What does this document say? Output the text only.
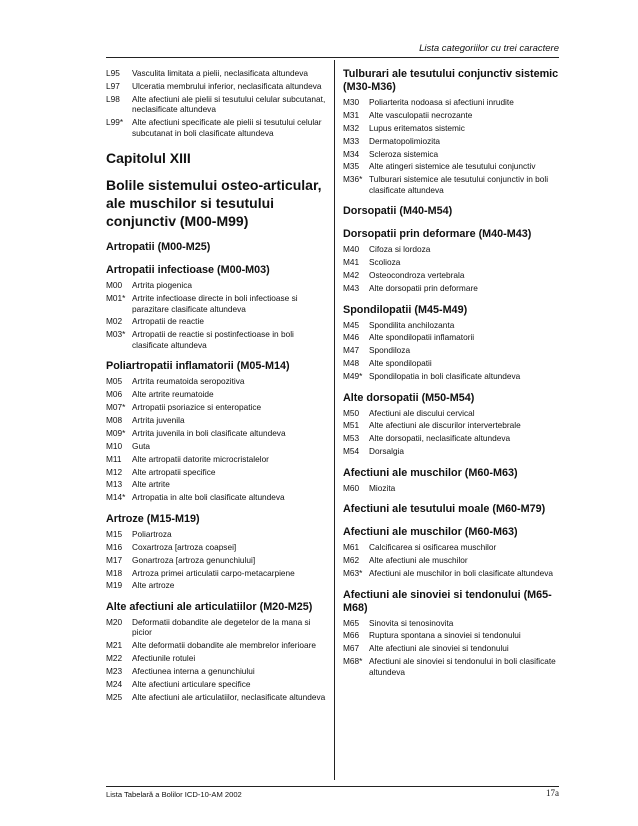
Lista categoriilor cu trei caractere
L95	Vasculita limitata a pielii, neclasificata altundeva
L97	Ulceratia membrului inferior, neclasificata altundeva
L98	Alte afectiuni ale pielii si tesutului celular subcutanat, neclasificate altundeva
L99*	Alte afectiuni specificate ale pielii si tesutului celular subcutanat in boli clasificate altundeva
Capitolul XIII
Bolile sistemului osteo-articular, ale muschilor si tesutului conjunctiv (M00-M99)
Artropatii (M00-M25)
Artropatii infectioase (M00-M03)
M00	Artrita piogenica
M01* Artrite infectioase directe in boli infectioase si parazitare clasificate altundeva
M02	Artropatii de reactie
M03* Artropatii de reactie si postinfectioase in boli clasificate altundeva
Poliartropatii inflamatorii (M05-M14)
M05	Artrita reumatoida seropozitiva
M06	Alte artrite reumatoide
M07* Artropatii psoriazice si enteropatice
M08	Artrita juvenila
M09* Artrita juvenila in boli clasificate altundeva
M10	Guta
M11	Alte artropatii datorite microcristalelor
M12	Alte artropatii specifice
M13	Alte artrite
M14* Artropatia in alte boli clasificate altundeva
Artroze (M15-M19)
M15	Poliartroza
M16	Coxartroza [artroza coapsei]
M17	Gonartroza [artroza genunchiului]
M18	Artroza primei articulatii carpo-metacarpiene
M19	Alte artroze
Alte afectiuni ale articulatiilor (M20-M25)
M20	Deformatii dobandite ale degetelor de la mana si picior
M21	Alte deformatii dobandite ale membrelor inferioare
M22	Afectiunile rotulei
M23	Afectiunea interna a genunchiului
M24	Alte afectiuni articulare specifice
M25	Alte afectiuni ale articulatiilor, neclasificate altundeva
Tulburari ale tesutului conjunctiv sistemic (M30-M36)
M30	Poliarterita nodoasa si afectiuni inrudite
M31	Alte vasculopatii necrozante
M32	Lupus eritematos sistemic
M33	Dermatopolimiozita
M34	Scleroza sistemica
M35	Alte atingeri sistemice ale tesutului conjunctiv
M36* Tulburari sistemice ale tesutului conjunctiv in boli clasificate altundeva
Dorsopatii (M40-M54)
Dorsopatii prin deformare (M40-M43)
M40	Cifoza si lordoza
M41	Scolioza
M42	Osteocondroza vertebrala
M43	Alte dorsopatii prin deformare
Spondilopatii (M45-M49)
M45	Spondilita anchilozanta
M46	Alte spondilopatii inflamatorii
M47	Spondiloza
M48	Alte spondilopatii
M49* Spondilopatia in boli clasificate altundeva
Alte dorsopatii (M50-M54)
M50	Afectiuni ale discului cervical
M51	Alte afectiuni ale discurilor intervertebrale
M53	Alte dorsopatii, neclasificate altundeva
M54	Dorsalgia
Afectiuni ale muschilor (M60-M63)
M60	Miozita
Afectiuni ale tesutului moale (M60-M79)
Afectiuni ale muschilor (M60-M63)
M61	Calcificarea si osificarea muschilor
M62	Alte afectiuni ale muschilor
M63* Afectiuni ale muschilor in boli clasificate altundeva
Afectiuni ale sinoviei si tendonului (M65-M68)
M65	Sinovita si tenosinovita
M66	Ruptura spontana a sinoviei si tendonului
M67	Alte afectiuni ale sinoviei si tendonului
M68* Afectiuni ale sinoviei si tendonului in boli clasificate altundeva
Lista Tabelară a Bolilor ICD-10-AM 2002	17a
